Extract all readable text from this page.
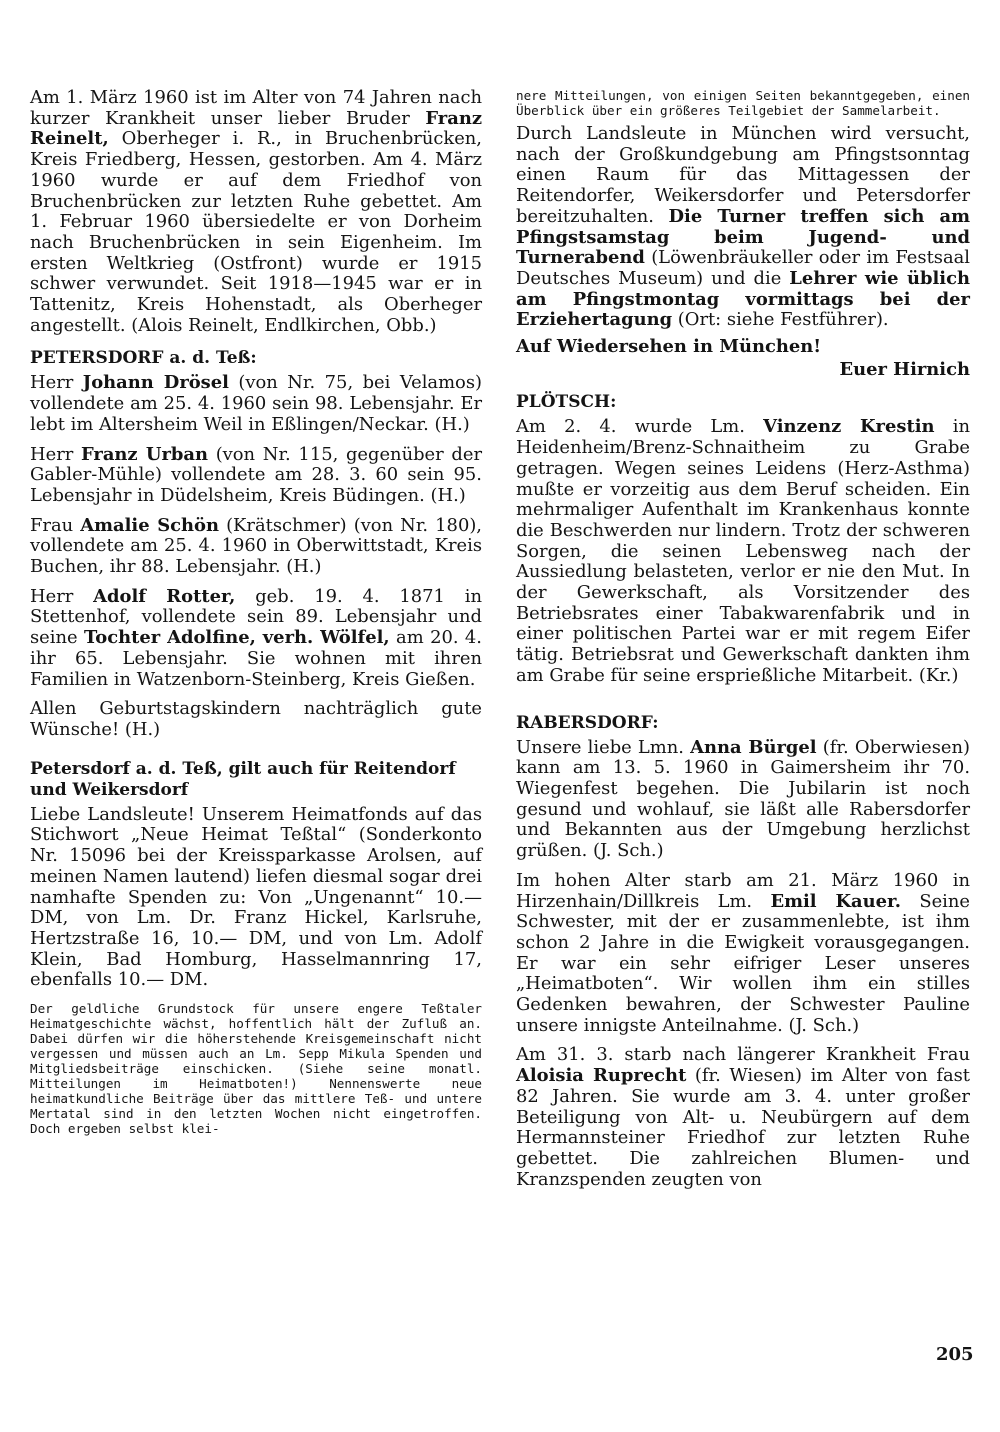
Am 1. März 1960 ist im Alter von 74 Jahren nach kurzer Krankheit unser lieber Bruder Franz Reinelt, Oberheger i. R., in Bruchenbrücken, Kreis Friedberg, Hessen, gestorben. Am 4. März 1960 wurde er auf dem Friedhof von Bruchenbrücken zur letzten Ruhe gebettet. Am 1. Februar 1960 übersiedelte er von Dorheim nach Bruchenbrücken in sein Eigenheim. Im ersten Weltkrieg (Ostfront) wurde er 1915 schwer verwundet. Seit 1918—1945 war er in Tattenitz, Kreis Hohenstadt, als Oberheger angestellt. (Alois Reinelt, Endlkirchen, Obb.)

PETERSDORF a. d. Teß:

Herr Johann Drösel (von Nr. 75, bei Velamos) vollendete am 25. 4. 1960 sein 98. Lebensjahr. Er lebt im Altersheim Weil in Eßlingen/Neckar. (H.)

Herr Franz Urban (von Nr. 115, gegenüber der Gabler-Mühle) vollendete am 28. 3. 60 sein 95. Lebensjahr in Düdelsheim, Kreis Büdingen. (H.)

Frau Amalie Schön (Krätschmer) (von Nr. 180), vollendete am 25. 4. 1960 in Oberwittstadt, Kreis Buchen, ihr 88. Lebensjahr. (H.)

Herr Adolf Rotter, geb. 19. 4. 1871 in Stettenhof, vollendete sein 89. Lebensjahr und seine Tochter Adolfine, verh. Wölfel, am 20. 4. ihr 65. Lebensjahr. Sie wohnen mit ihren Familien in Watzenborn-Steinberg, Kreis Gießen.

Allen Geburtstagskindern nachträglich gute Wünsche! (H.)

Petersdorf a. d. Teß, gilt auch für Reitendorf und Weikersdorf

Liebe Landsleute! Unserem Heimatfonds auf das Stichwort „Neue Heimat Teßtal“ (Sonderkonto Nr. 15096 bei der Kreissparkasse Arolsen, auf meinen Namen lautend) liefen diesmal sogar drei namhafte Spenden zu: Von „Ungenannt“ 10.— DM, von Lm. Dr. Franz Hickel, Karlsruhe, Hertzstraße 16, 10.— DM, und von Lm. Adolf Klein, Bad Homburg, Hasselmannring 17, ebenfalls 10.— DM.

Der geldliche Grundstock für unsere engere Teßtaler Heimatgeschichte wächst, hoffentlich hält der Zufluß an. Dabei dürfen wir die höherstehende Kreisgemeinschaft nicht vergessen und müssen auch an Lm. Sepp Mikula Spenden und Mitgliedsbeiträge einschicken. (Siehe seine monatl. Mitteilungen im Heimatboten!) Nennenswerte neue heimatkundliche Beiträge über das mittlere Teß- und untere Mertatal sind in den letzten Wochen nicht eingetroffen. Doch ergeben selbst klei-
nere Mitteilungen, von einigen Seiten bekanntgegeben, einen Überblick über ein größeres Teilgebiet der Sammelarbeit.

Durch Landsleute in München wird versucht, nach der Großkundgebung am Pfingstsonntag einen Raum für das Mittagessen der Reitendorfer, Weikersdorfer und Petersdorfer bereitzuhalten. Die Turner treffen sich am Pfingstsamstag beim Jugend- und Turnerabend (Löwenbräukeller oder im Festsaal Deutsches Museum) und die Lehrer wie üblich am Pfingstmontag vormittags bei der Erziehertagung (Ort: siehe Festführer).

Auf Wiedersehen in München!

Euer Hirnich

PLÖTSCH:

Am 2. 4. wurde Lm. Vinzenz Krestin in Heidenheim/Brenz-Schnaitheim zu Grabe getragen. Wegen seines Leidens (Herz-Asthma) mußte er vorzeitig aus dem Beruf scheiden. Ein mehrmaliger Aufenthalt im Krankenhaus konnte die Beschwerden nur lindern. Trotz der schweren Sorgen, die seinen Lebensweg nach der Aussiedlung belasteten, verlor er nie den Mut. In der Gewerkschaft, als Vorsitzender des Betriebsrates einer Tabakwarenfabrik und in einer politischen Partei war er mit regem Eifer tätig. Betriebsrat und Gewerkschaft dankten ihm am Grabe für seine ersprießliche Mitarbeit. (Kr.)

RABERSDORF:

Unsere liebe Lmn. Anna Bürgel (fr. Oberwiesen) kann am 13. 5. 1960 in Gaimersheim ihr 70. Wiegenfest begehen. Die Jubilarin ist noch gesund und wohlauf, sie läßt alle Rabersdorfer und Bekannten aus der Umgebung herzlichst grüßen. (J. Sch.)

Im hohen Alter starb am 21. März 1960 in Hirzenhain/Dillkreis Lm. Emil Kauer. Seine Schwester, mit der er zusammenlebte, ist ihm schon 2 Jahre in die Ewigkeit vorausgegangen. Er war ein sehr eifriger Leser unseres „Heimatboten“. Wir wollen ihm ein stilles Gedenken bewahren, der Schwester Pauline unsere innigste Anteilnahme. (J. Sch.)

Am 31. 3. starb nach längerer Krankheit Frau Aloisia Ruprecht (fr. Wiesen) im Alter von fast 82 Jahren. Sie wurde am 3. 4. unter großer Beteiligung von Alt- u. Neubürgern auf dem Hermannsteiner Friedhof zur letzten Ruhe gebettet. Die zahlreichen Blumen- und Kranzspenden zeugten von

205
